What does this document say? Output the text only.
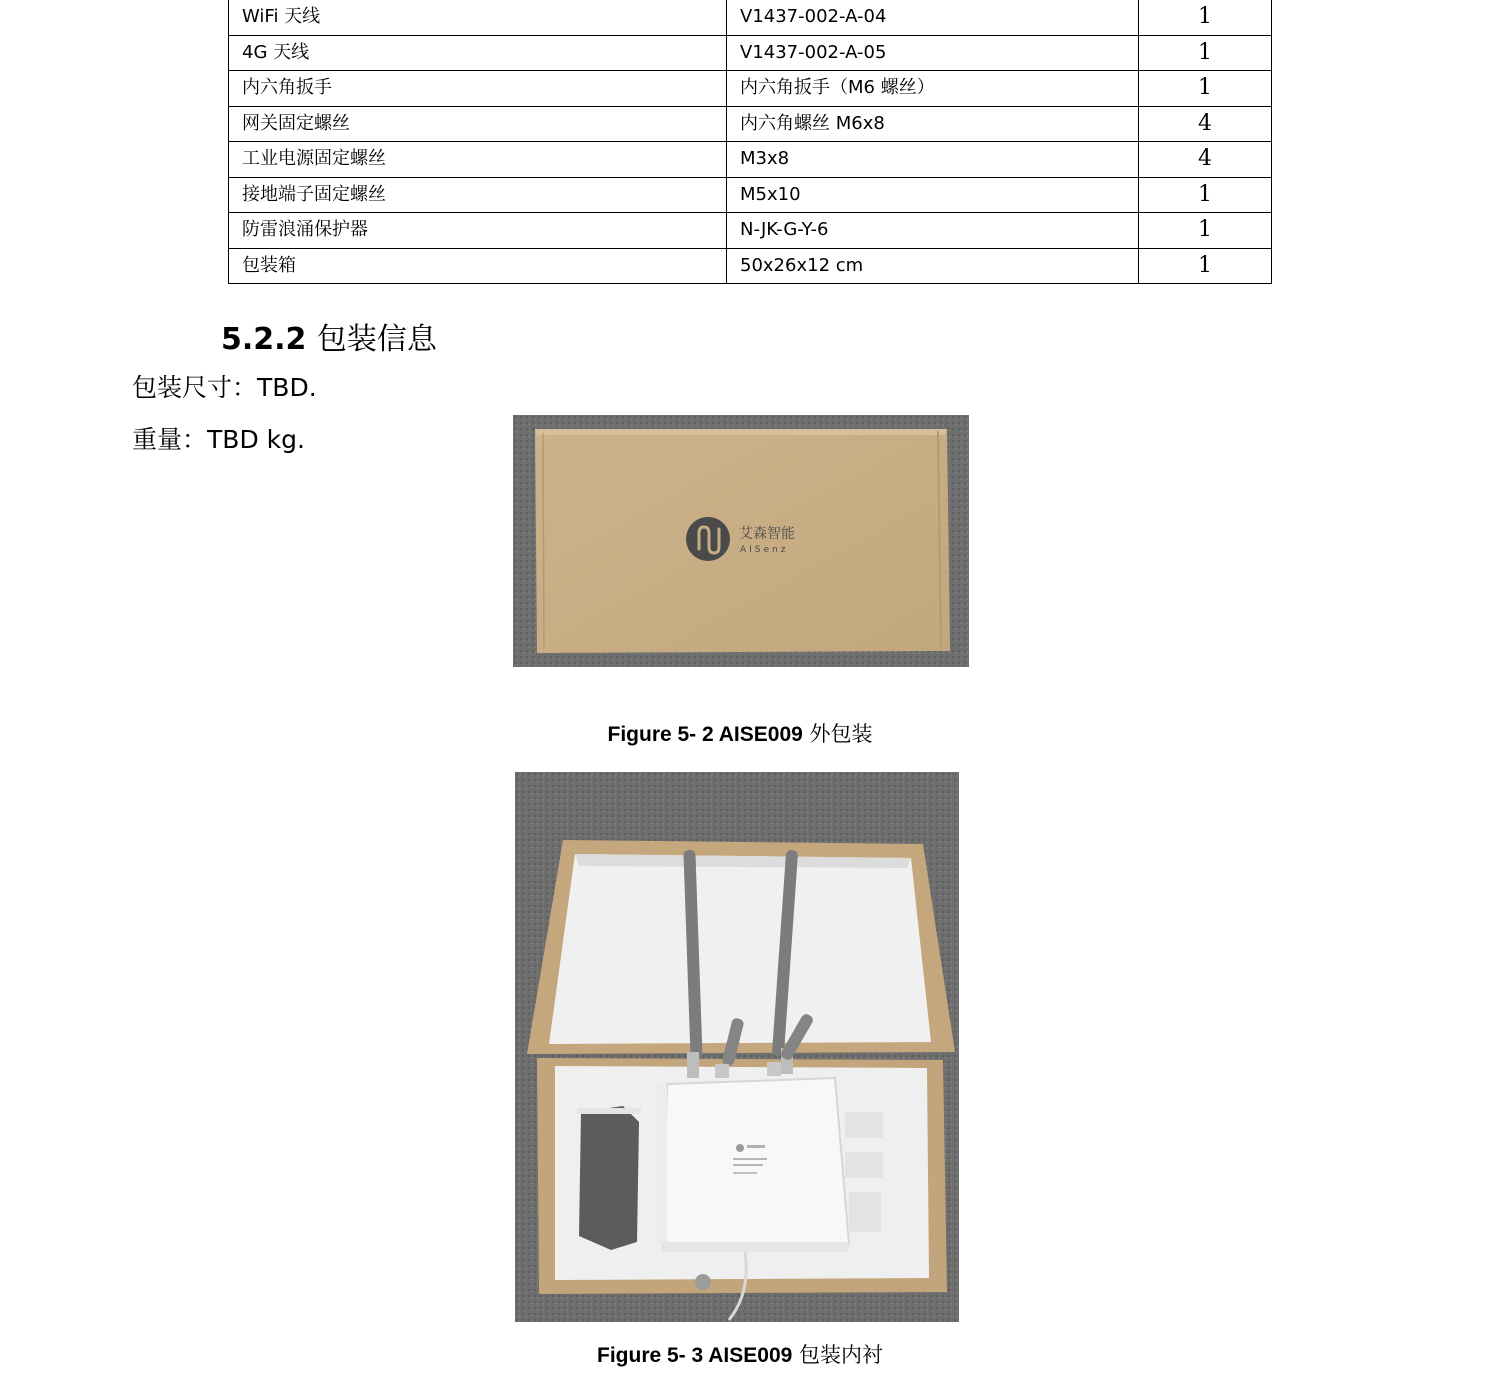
WiFi 天线	V1437-002-A-04	1
4G 天线	V1437-002-A-05	1
内六角扳手	内六角扳手（M6 螺丝）	1
网关固定螺丝	内六角螺丝 M6x8	4
工业电源固定螺丝	M3x8	4
接地端子固定螺丝	M5x10	1
防雷浪涌保护器	N-JK-G-Y-6	1
包装箱	50x26x12 cm	1
5.2.2 包装信息

包装尺寸：TBD.

重量：TBD kg.

艾森智能
AISenz

Figure 5- 2 AISE009 外包装

Figure 5- 3 AISE009 包装内衬
